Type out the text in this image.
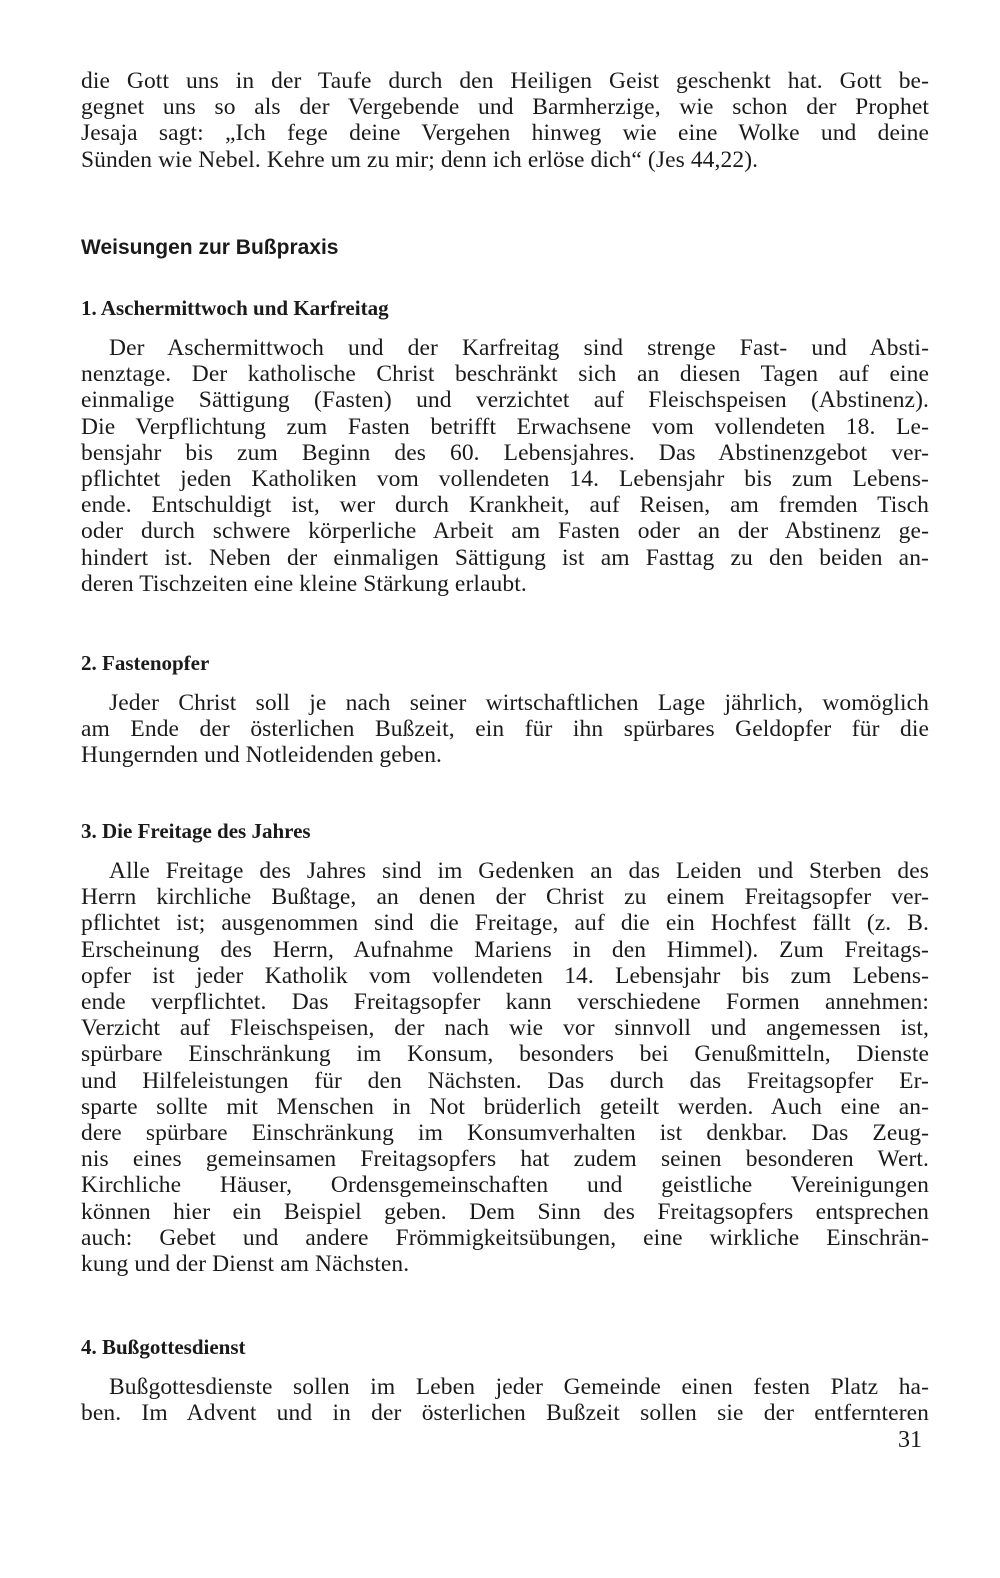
die Gott uns in der Taufe durch den Heiligen Geist geschenkt hat. Gott be-
gegnet uns so als der Vergebende und Barmherzige, wie schon der Prophet
Jesaja sagt: „Ich fege deine Vergehen hinweg wie eine Wolke und deine
Sünden wie Nebel. Kehre um zu mir; denn ich erlöse dich“ (Jes 44,22).

Weisungen zur Bußpraxis
1. Aschermittwoch und Karfreitag

Der Aschermittwoch und der Karfreitag sind strenge Fast- und Absti-
nenztage. Der katholische Christ beschränkt sich an diesen Tagen auf eine
einmalige Sättigung (Fasten) und verzichtet auf Fleischspeisen (Abstinenz).
Die Verpflichtung zum Fasten betrifft Erwachsene vom vollendeten 18. Le-
bensjahr bis zum Beginn des 60. Lebensjahres. Das Abstinenzgebot ver-
pflichtet jeden Katholiken vom vollendeten 14. Lebensjahr bis zum Lebens-
ende. Entschuldigt ist, wer durch Krankheit, auf Reisen, am fremden Tisch
oder durch schwere körperliche Arbeit am Fasten oder an der Abstinenz ge-
hindert ist. Neben der einmaligen Sättigung ist am Fasttag zu den beiden an-
deren Tischzeiten eine kleine Stärkung erlaubt.

2. Fastenopfer

Jeder Christ soll je nach seiner wirtschaftlichen Lage jährlich, womöglich
am Ende der österlichen Bußzeit, ein für ihn spürbares Geldopfer für die
Hungernden und Notleidenden geben.

3. Die Freitage des Jahres

Alle Freitage des Jahres sind im Gedenken an das Leiden und Sterben des
Herrn kirchliche Bußtage, an denen der Christ zu einem Freitagsopfer ver-
pflichtet ist; ausgenommen sind die Freitage, auf die ein Hochfest fällt (z. B.
Erscheinung des Herrn, Aufnahme Mariens in den Himmel). Zum Freitags-
opfer ist jeder Katholik vom vollendeten 14. Lebensjahr bis zum Lebens-
ende verpflichtet. Das Freitagsopfer kann verschiedene Formen annehmen:
Verzicht auf Fleischspeisen, der nach wie vor sinnvoll und angemessen ist,
spürbare Einschränkung im Konsum, besonders bei Genußmitteln, Dienste
und Hilfeleistungen für den Nächsten. Das durch das Freitagsopfer Er-
sparte sollte mit Menschen in Not brüderlich geteilt werden. Auch eine an-
dere spürbare Einschränkung im Konsumverhalten ist denkbar. Das Zeug-
nis eines gemeinsamen Freitagsopfers hat zudem seinen besonderen Wert.
Kirchliche Häuser, Ordensgemeinschaften und geistliche Vereinigungen
können hier ein Beispiel geben. Dem Sinn des Freitagsopfers entsprechen
auch: Gebet und andere Frömmigkeitsübungen, eine wirkliche Einschrän-
kung und der Dienst am Nächsten.

4. Bußgottesdienst

Bußgottesdienste sollen im Leben jeder Gemeinde einen festen Platz ha-
ben. Im Advent und in der österlichen Bußzeit sollen sie der entfernteren

31
